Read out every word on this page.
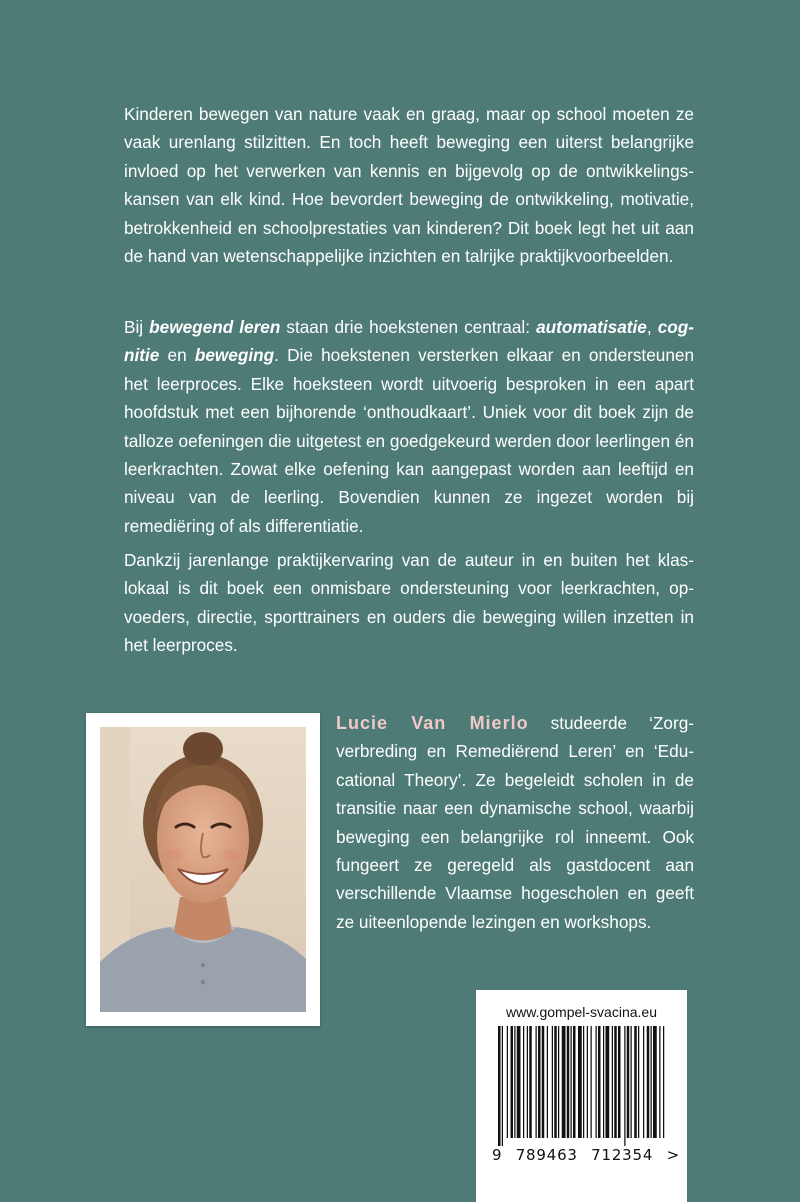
Kinderen bewegen van nature vaak en graag, maar op school moeten ze vaak urenlang stilzitten. En toch heeft beweging een uiterst belangrijke invloed op het verwerken van kennis en bijgevolg op de ontwikkelingskansen van elk kind. Hoe bevordert beweging de ontwikkeling, motivatie, betrokkenheid en schoolprestaties van kinderen? Dit boek legt het uit aan de hand van wetenschappelijke inzichten en talrijke praktijkvoorbeelden.

Bij bewegend leren staan drie hoekstenen centraal: automatisatie, cognitie en beweging. Die hoekstenen versterken elkaar en ondersteunen het leerproces. Elke hoeksteen wordt uitvoerig besproken in een apart hoofdstuk met een bijhorende ‘onthoudkaart’. Uniek voor dit boek zijn de talloze oefeningen die uitgetest en goedgekeurd werden door leerlingen én leerkrachten. Zowat elke oefening kan aangepast worden aan leeftijd en niveau van de leerling. Bovendien kunnen ze ingezet worden bij remediëring of als differentiatie.

Dankzij jarenlange praktijkervaring van de auteur in en buiten het klaslokaal is dit boek een onmisbare ondersteuning voor leerkrachten, opvoeders, directie, sporttrainers en ouders die beweging willen inzetten in het leerproces.

Lucie Van Mierlo studeerde ‘Zorgverbreding en Remediërend Leren’ en ‘Educational Theory’. Ze begeleidt scholen in de transitie naar een dynamische school, waarbij beweging een belangrijke rol inneemt. Ook fungeert ze geregeld als gastdocent aan verschillende Vlaamse hogescholen en geeft ze uiteenlopende lezingen en workshops.

www.gompel-svacina.eu
9 789463 712354 >
